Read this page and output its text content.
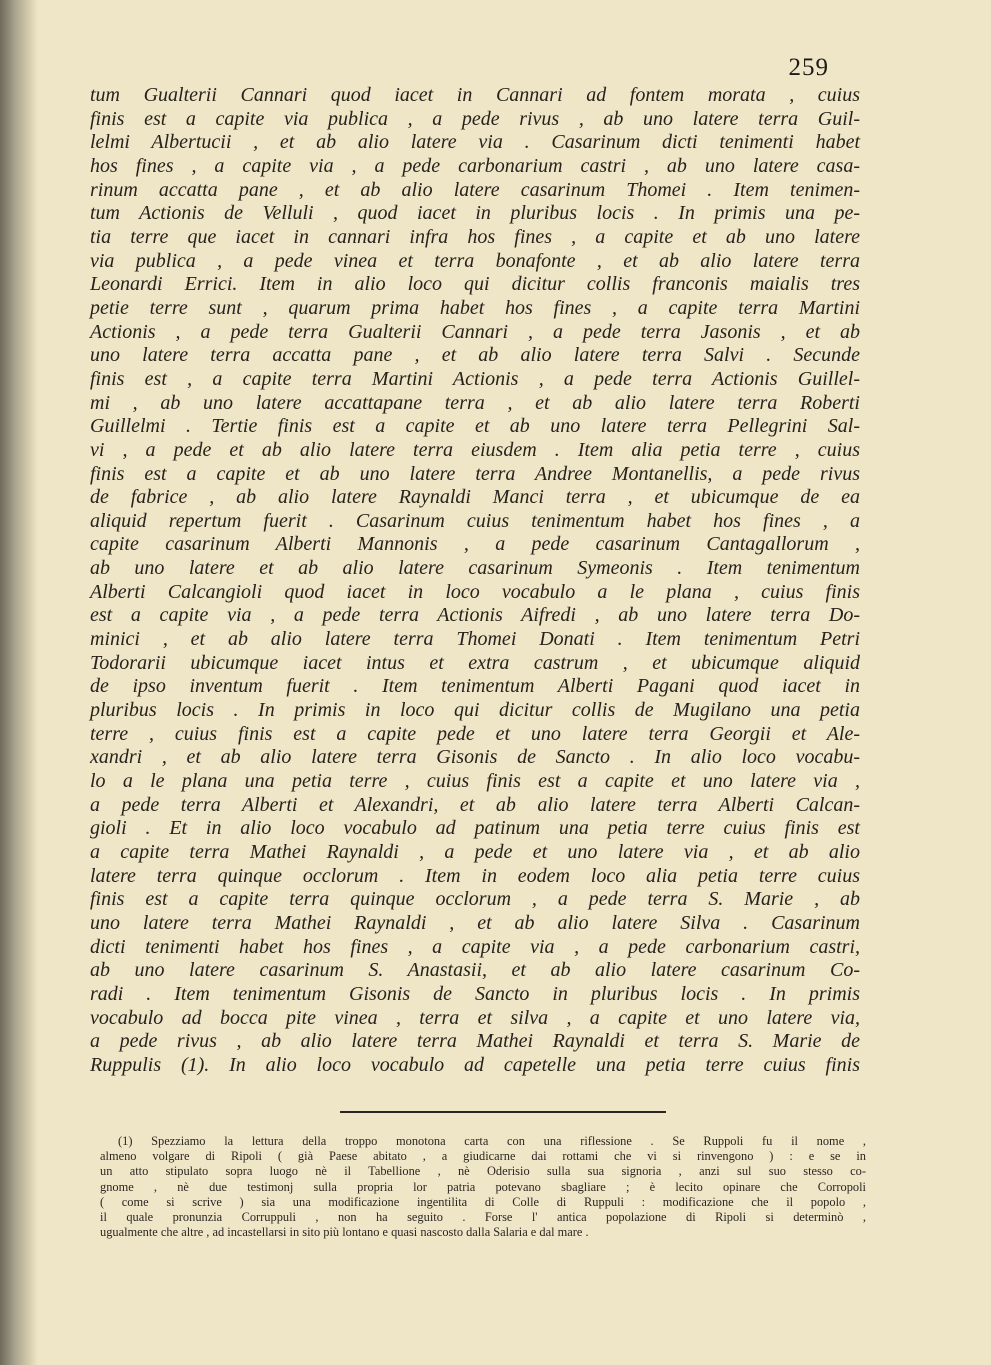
259
tum Gualterii Cannari quod iacet in Cannari ad fontem morata , cuius
finis est a capite via publica , a pede rivus , ab uno latere terra Guil-
lelmi Albertucii , et ab alio latere via . Casarinum dicti tenimenti habet
hos fines , a capite via , a pede carbonarium castri , ab uno latere casa-
rinum accatta pane , et ab alio latere casarinum Thomei . Item tenimen-
tum Actionis de Velluli , quod iacet in pluribus locis . In primis una pe-
tia terre que iacet in cannari infra hos fines , a capite et ab uno latere
via publica , a pede vinea et terra bonafonte , et ab alio latere terra
Leonardi Errici. Item in alio loco qui dicitur collis franconis maialis tres
petie terre sunt , quarum prima habet hos fines , a capite terra Martini
Actionis , a pede terra Gualterii Cannari , a pede terra Jasonis , et ab
uno latere terra accatta pane , et ab alio latere terra Salvi . Secunde
finis est , a capite terra Martini Actionis , a pede terra Actionis Guillel-
mi , ab uno latere accattapane terra , et ab alio latere terra Roberti
Guillelmi . Tertie finis est a capite et ab uno latere terra Pellegrini Sal-
vi , a pede et ab alio latere terra eiusdem . Item alia petia terre , cuius
finis est a capite et ab uno latere terra Andree Montanellis, a pede rivus
de fabrice , ab alio latere Raynaldi Manci terra , et ubicumque de ea
aliquid repertum fuerit . Casarinum cuius tenimentum habet hos fines , a
capite casarinum Alberti Mannonis , a pede casarinum Cantagallorum ,
ab uno latere et ab alio latere casarinum Symeonis . Item tenimentum
Alberti Calcangioli quod iacet in loco vocabulo a le plana , cuius finis
est a capite via , a pede terra Actionis Aifredi , ab uno latere terra Do-
minici , et ab alio latere terra Thomei Donati . Item tenimentum Petri
Todorarii ubicumque iacet intus et extra castrum , et ubicumque aliquid
de ipso inventum fuerit . Item tenimentum Alberti Pagani quod iacet in
pluribus locis . In primis in loco qui dicitur collis de Mugilano una petia
terre , cuius finis est a capite pede et uno latere terra Georgii et Ale-
xandri , et ab alio latere terra Gisonis de Sancto . In alio loco vocabu-
lo a le plana una petia terre , cuius finis est a capite et uno latere via ,
a pede terra Alberti et Alexandri, et ab alio latere terra Alberti Calcan-
gioli . Et in alio loco vocabulo ad patinum una petia terre cuius finis est
a capite terra Mathei Raynaldi , a pede et uno latere via , et ab alio
latere terra quinque occlorum . Item in eodem loco alia petia terre cuius
finis est a capite terra quinque occlorum , a pede terra S. Marie , ab
uno latere terra Mathei Raynaldi , et ab alio latere Silva . Casarinum
dicti tenimenti habet hos fines , a capite via , a pede carbonarium castri,
ab uno latere casarinum S. Anastasii, et ab alio latere casarinum Co-
radi . Item tenimentum Gisonis de Sancto in pluribus locis . In primis
vocabulo ad bocca pite vinea , terra et silva , a capite et uno latere via,
a pede rivus , ab alio latere terra Mathei Raynaldi et terra S. Marie de
Ruppulis (1). In alio loco vocabulo ad capetelle una petia terre cuius finis
(1) Spezziamo la lettura della troppo monotona carta con una riflessione . Se Ruppoli fu il nome ,
almeno volgare di Ripoli ( già Paese abitato , a giudicarne dai rottami che vi si rinvengono ) : e se in
un atto stipulato sopra luogo nè il Tabellione , nè Oderisio sulla sua signoria , anzi sul suo stesso co-
gnome , nè due testimonj sulla propria lor patria potevano sbagliare ; è lecito opinare che Corropoli
( come si scrive ) sia una modificazione ingentilita di Colle di Ruppuli : modificazione che il popolo ,
il quale pronunzia Corruppuli , non ha seguito . Forse l' antica popolazione di Ripoli si determinò ,
ugualmente che altre , ad incastellarsi in sito più lontano e quasi nascosto dalla Salaria e dal mare .
